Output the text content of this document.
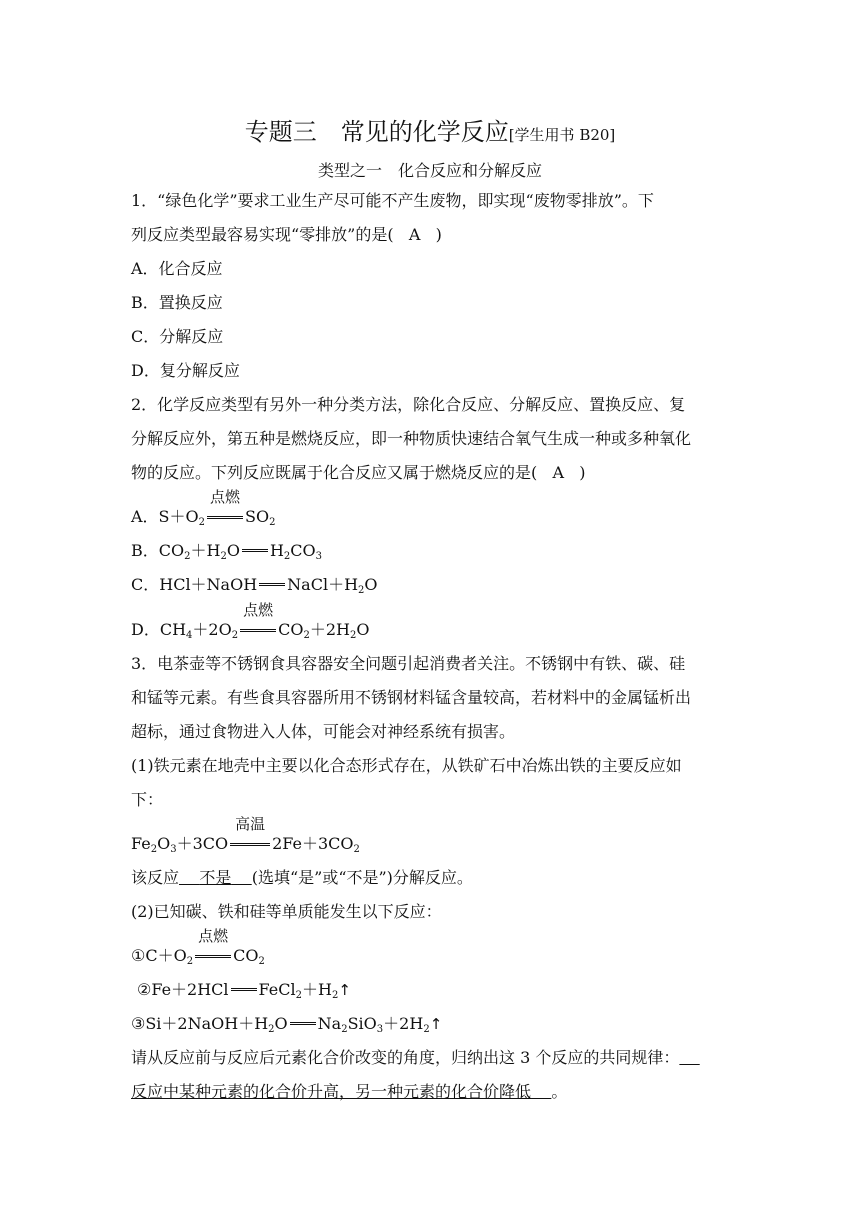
专题三　常见的化学反应[学生用书 B20]
类型之一　化合反应和分解反应
1．“绿色化学”要求工业生产尽可能不产生废物，即实现“废物零排放”。下
列反应类型最容易实现“零排放”的是( A )
A．化合反应
B．置换反应
C．分解反应
D．复分解反应
2．化学反应类型有另外一种分类方法，除化合反应、分解反应、置换反应、复
分解反应外，第五种是燃烧反应，即一种物质快速结合氧气生成一种或多种氧化
物的反应。下列反应既属于化合反应又属于燃烧反应的是( A )
A．$S+O_2$
点燃
$SO_2$
B．$CO_2+H_2O$ $H_2CO_3$
C．HCl＋NaOH $NaCl+H_2O$
D．$CH_4+2O_2$
点燃
$CO_2+2H_2O$
3．电茶壶等不锈钢食具容器安全问题引起消费者关注。不锈钢中有铁、碳、硅
和锰等元素。有些食具容器所用不锈钢材料锰含量较高，若材料中的金属锰析出
超标，通过食物进入人体，可能会对神经系统有损害。
(1)铁元素在地壳中主要以化合态形式存在，从铁矿石中冶炼出铁的主要反应如
下：
$Fe_2O_3+3CO$
高温
$2Fe+3CO_2$
该反应 不是 (选填“是”或“不是”)分解反应。
(2)已知碳、铁和硅等单质能发生以下反应：
$①C+O_2$
点燃
$CO_2$
②Fe＋2HCl $FeCl_2+H_2↑$
$③Si+2NaOH+H_2O$ $Na_2SiO_3+2H_2↑$
请从反应前与反应后元素化合价改变的角度，归纳出这 3 个反应的共同规律：
反应中某种元素的化合价升高，另一种元素的化合价降低 。
